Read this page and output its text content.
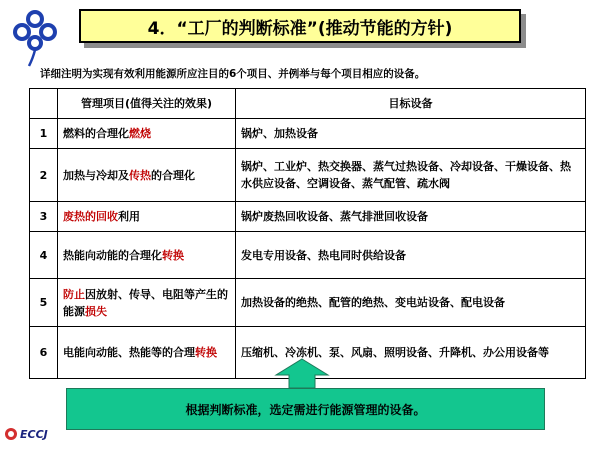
4．“工厂的判断标准”(推动节能的方针)
详细注明为实现有效利用能源所应注目的6个项目、并例举与每个项目相应的设备。
	管理项目(值得关注的效果)	目标设备
1	燃料的合理化燃烧	锅炉、加热设备
2	加热与冷却及传热的合理化	锅炉、工业炉、热交换器、蒸气过热设备、冷却设备、干燥设备、热水供应设备、空调设备、蒸气配管、疏水阀
3	废热的回收利用	锅炉废热回收设备、蒸气排泄回收设备
4	热能向动能的合理化转换	发电专用设备、热电同时供给设备
5	防止因放射、传导、电阻等产生的能源损失	加热设备的绝热、配管的绝热、变电站设备、配电设备
6	电能向动能、热能等的合理转换	压缩机、冷冻机、泵、风扇、照明设备、升降机、办公用设备等
根据判断标准，选定需进行能源管理的设备。
ECCJ
